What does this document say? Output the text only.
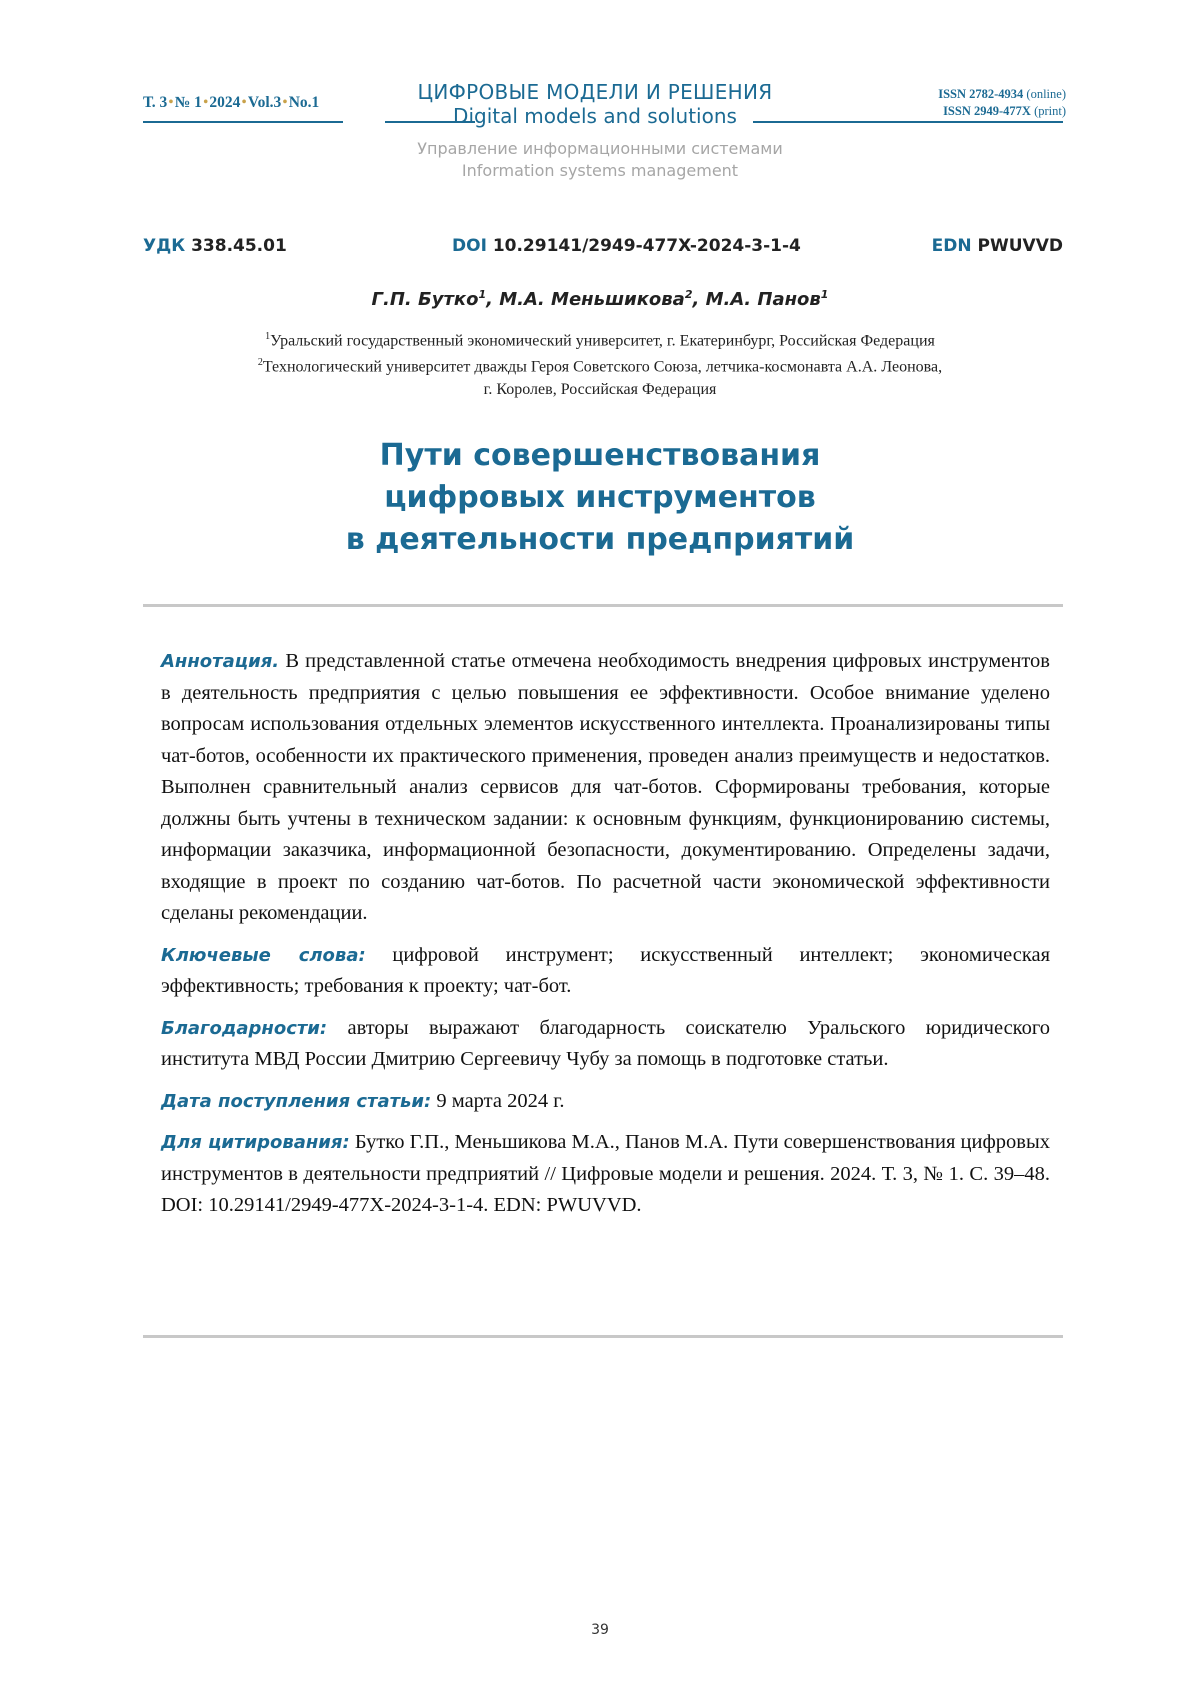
Т. 3•№ 1•2024•Vol.3•No.1	ЦИФРОВЫЕ МОДЕЛИ И РЕШЕНИЯ
Digital models and solutions
ISSN 2782-4934 (online)
ISSN 2949-477X (print)
Управление информационными системами
Information systems management
УДК 338.45.01	DOI 10.29141/2949-477X-2024-3-1-4	EDN PWUVVD
Г.П. Бутко1, М.А. Меньшикова2, М.А. Панов1
1Уральский государственный экономический университет, г. Екатеринбург, Российская Федерация
2Технологический университет дважды Героя Советского Союза, летчика-космонавта А.А. Леонова,
г. Королев, Российская Федерация
Пути совершенствования
цифровых инструментов
в деятельности предприятий

Аннотация. В представленной статье отмечена необходимость внедрения цифровых инструментов в деятельность предприятия с целью повышения ее эффективности. Особое внимание уделено вопросам использования отдельных элементов искусственного интеллекта. Проанализированы типы чат-ботов, особенности их практического применения, проведен анализ преимуществ и недостатков. Выполнен сравнительный анализ сервисов для чат-ботов. Сформированы требования, которые должны быть учтены в техническом задании: к основным функциям, функционированию системы, информации заказчика, информационной безопасности, документированию. Определены задачи, входящие в проект по созданию чат-ботов. По расчетной части экономической эффективности сделаны рекомендации.

Ключевые слова: цифровой инструмент; искусственный интеллект; экономическая эффективность; требования к проекту; чат-бот.

Благодарности: авторы выражают благодарность соискателю Уральского юридического института МВД России Дмитрию Сергеевичу Чубу за помощь в подготовке статьи.

Дата поступления статьи: 9 марта 2024 г.

Для цитирования: Бутко Г.П., Меньшикова М.А., Панов М.А. Пути совершенствования цифровых инструментов в деятельности предприятий // Цифровые модели и решения. 2024. Т. 3, № 1. С. 39–48. DOI: 10.29141/2949-477X-2024-3-1-4. EDN: PWUVVD.

39
